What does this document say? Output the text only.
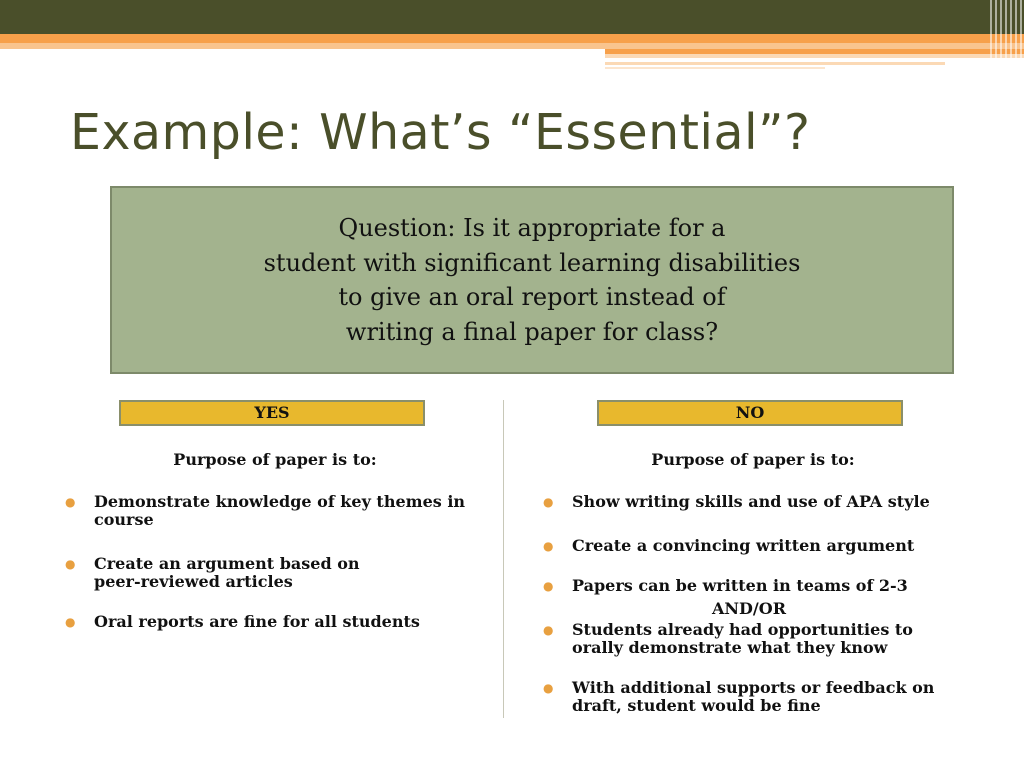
Example: What’s “Essential”?
Question: Is it appropriate for a
student with significant learning disabilities
to give an oral report instead of
writing a final paper for class?
YES
Purpose of paper is to:
● Demonstrate knowledge of key themes in course
● Create an argument based on peer-reviewed articles
● Oral reports are fine for all students
NO
Purpose of paper is to:
● Show writing skills and use of APA style
● Create a convincing written argument
● Papers can be written in teams of 2-3
AND/OR
● Students already had opportunities to orally demonstrate what they know
● With additional supports or feedback on draft, student would be fine
